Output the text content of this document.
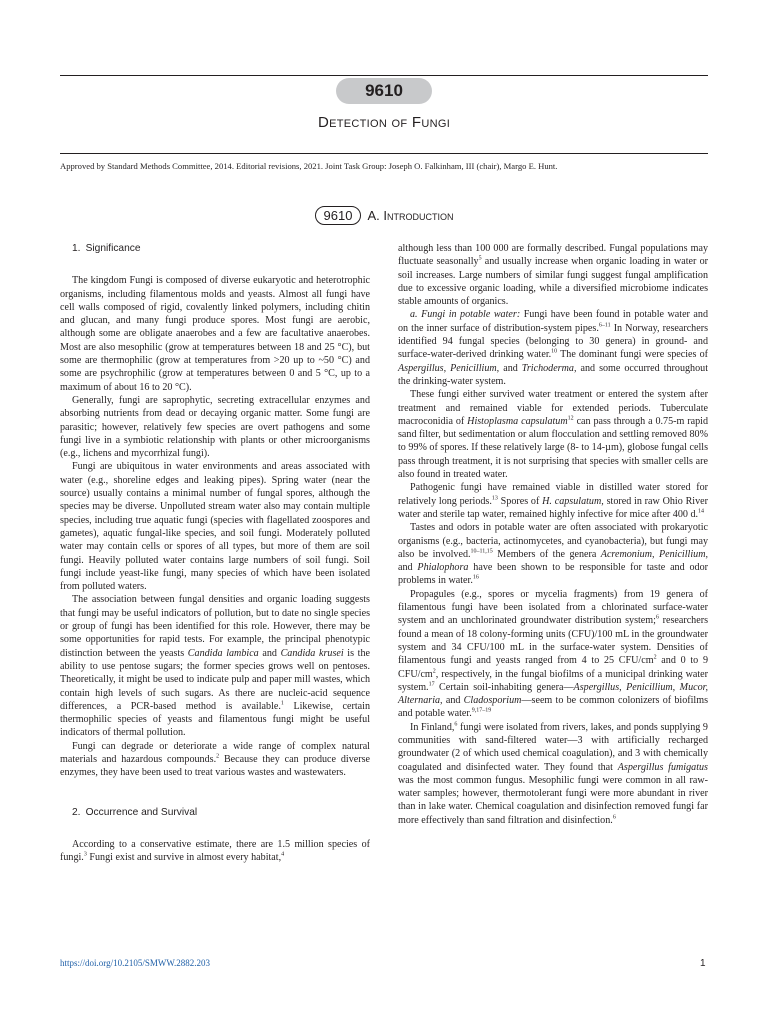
9610
Detection of Fungi
Approved by Standard Methods Committee, 2014. Editorial revisions, 2021. Joint Task Group: Joseph O. Falkinham, III (chair), Margo E. Hunt.
9610 A. Introduction

1. Significance

The kingdom Fungi is composed of diverse eukaryotic and heterotrophic organisms, including filamentous molds and yeasts. Almost all fungi have cell walls composed of rigid, covalently linked polymers, including chitin and glucan, and many fungi produce spores. Most fungi are aerobic, although some are obligate anaerobes and a few are facultative anaerobes. Most are also mesophilic (grow at temperatures between 18 and 25 °C), but some are thermophilic (grow at temperatures from >20 up to ~50 °C) and some are psychrophilic (grow at temperatures between 0 and 5 °C, up to a maximum of about 16 to 20 °C).

Generally, fungi are saprophytic, secreting extracellular enzymes and absorbing nutrients from dead or decaying organic matter. Some fungi are parasitic; however, relatively few species are overt pathogens and some fungi live in a symbiotic relationship with plants or other microorganisms (e.g., lichens and mycorrhizal fungi).

Fungi are ubiquitous in water environments and areas associated with water (e.g., shoreline edges and leaking pipes). Spring water (near the source) usually contains a minimal number of fungal spores, although the species may be diverse. Unpolluted stream water also may contain multiple species, including true aquatic fungi (species with flagellated zoospores and gametes), aquatic fungal-like species, and soil fungi. Moderately polluted water may contain cells or spores of all types, but more of them are soil fungi. Heavily polluted water contains large numbers of soil fungi. Soil fungi include yeast-like fungi, many species of which have been isolated from polluted waters.

The association between fungal densities and organic loading suggests that fungi may be useful indicators of pollution, but to date no single species or group of fungi has been identified for this role. However, there may be some opportunities for rapid tests. For example, the principal phenotypic distinction between the yeasts Candida lambica and Candida krusei is the ability to use pentose sugars; the former species grows well on pentoses. Theoretically, it might be used to indicate pulp and paper mill wastes, which contain high levels of such sugars. As there are nucleic-acid sequence differences, a PCR-based method is available.$^1$ Likewise, certain thermophilic species of yeasts and filamentous fungi might be useful indicators of thermal pollution.

Fungi can degrade or deteriorate a wide range of complex natural materials and hazardous compounds.$^2$ Because they can produce diverse enzymes, they have been used to treat various wastes and wastewaters.

2. Occurrence and Survival

According to a conservative estimate, there are 1.5 million species of fungi.$^3$ Fungi exist and survive in almost every habitat,$^4$

although less than 100 000 are formally described. Fungal populations may fluctuate seasonally$^5$ and usually increase when organic loading in water or soil increases. Large numbers of similar fungi suggest fungal amplification due to excessive organic loading, while a diversified microbiome indicates stable amounts of organics.

a. Fungi in potable water: Fungi have been found in potable water and on the inner surface of distribution-system pipes.$^{6-11}$ In Norway, researchers identified 94 fungal species (belonging to 30 genera) in ground- and surface-water-derived drinking water.$^{10}$ The dominant fungi were species of Aspergillus, Penicillium, and Trichoderma, and some occurred throughout the drinking-water system.

These fungi either survived water treatment or entered the system after treatment and remained viable for extended periods. Tuberculate macroconidia of Histoplasma capsulatum$^{12}$ can pass through a 0.75-m rapid sand filter, but sedimentation or alum flocculation and settling removed 80% to 99% of spores. If these relatively large (8- to 14-µm), globose fungal cells pass through treatment, it is not surprising that species with smaller cells are also found in treated water.

Pathogenic fungi have remained viable in distilled water stored for relatively long periods.$^{13}$ Spores of H. capsulatum, stored in raw Ohio River water and sterile tap water, remained highly infective for mice after 400 d.$^{14}$

Tastes and odors in potable water are often associated with prokaryotic organisms (e.g., bacteria, actinomycetes, and cyanobacteria), but fungi may also be involved.$^{10-11,15}$ Members of the genera Acremonium, Penicillium, and Phialophora have been shown to be responsible for taste and odor problems in water.$^{16}$

Propagules (e.g., spores or mycelia fragments) from 19 genera of filamentous fungi have been isolated from a chlorinated surface-water system and an unchlorinated groundwater distribution system;$^6$ researchers found a mean of 18 colony-forming units (CFU)/100 mL in the groundwater system and 34 CFU/100 mL in the surface-water system. Densities of filamentous fungi and yeasts ranged from 4 to 25 CFU/$cm^2$ and 0 to 9 CFU/$cm^2$, respectively, in the fungal biofilms of a municipal drinking water system.$^{17}$ Certain soil-inhabiting genera—Aspergillus, Penicillium, Mucor, Alternaria, and Cladosporium—seem to be common colonizers of biofilms and potable water.$^{9,17-19}$

In Finland,$^6$ fungi were isolated from rivers, lakes, and ponds supplying 9 communities with sand-filtered water—3 with artificially recharged groundwater (2 of which used chemical coagulation), and 3 with chemically coagulated and disinfected water. They found that Aspergillus fumigatus was the most common fungus. Mesophilic fungi were common in all raw-water samples; however, thermotolerant fungi were more abundant in river than in lake water. Chemical coagulation and disinfection removed fungi far more effectively than sand filtration and disinfection.$^6$

https://doi.org/10.2105/SMWW.2882.203	1
